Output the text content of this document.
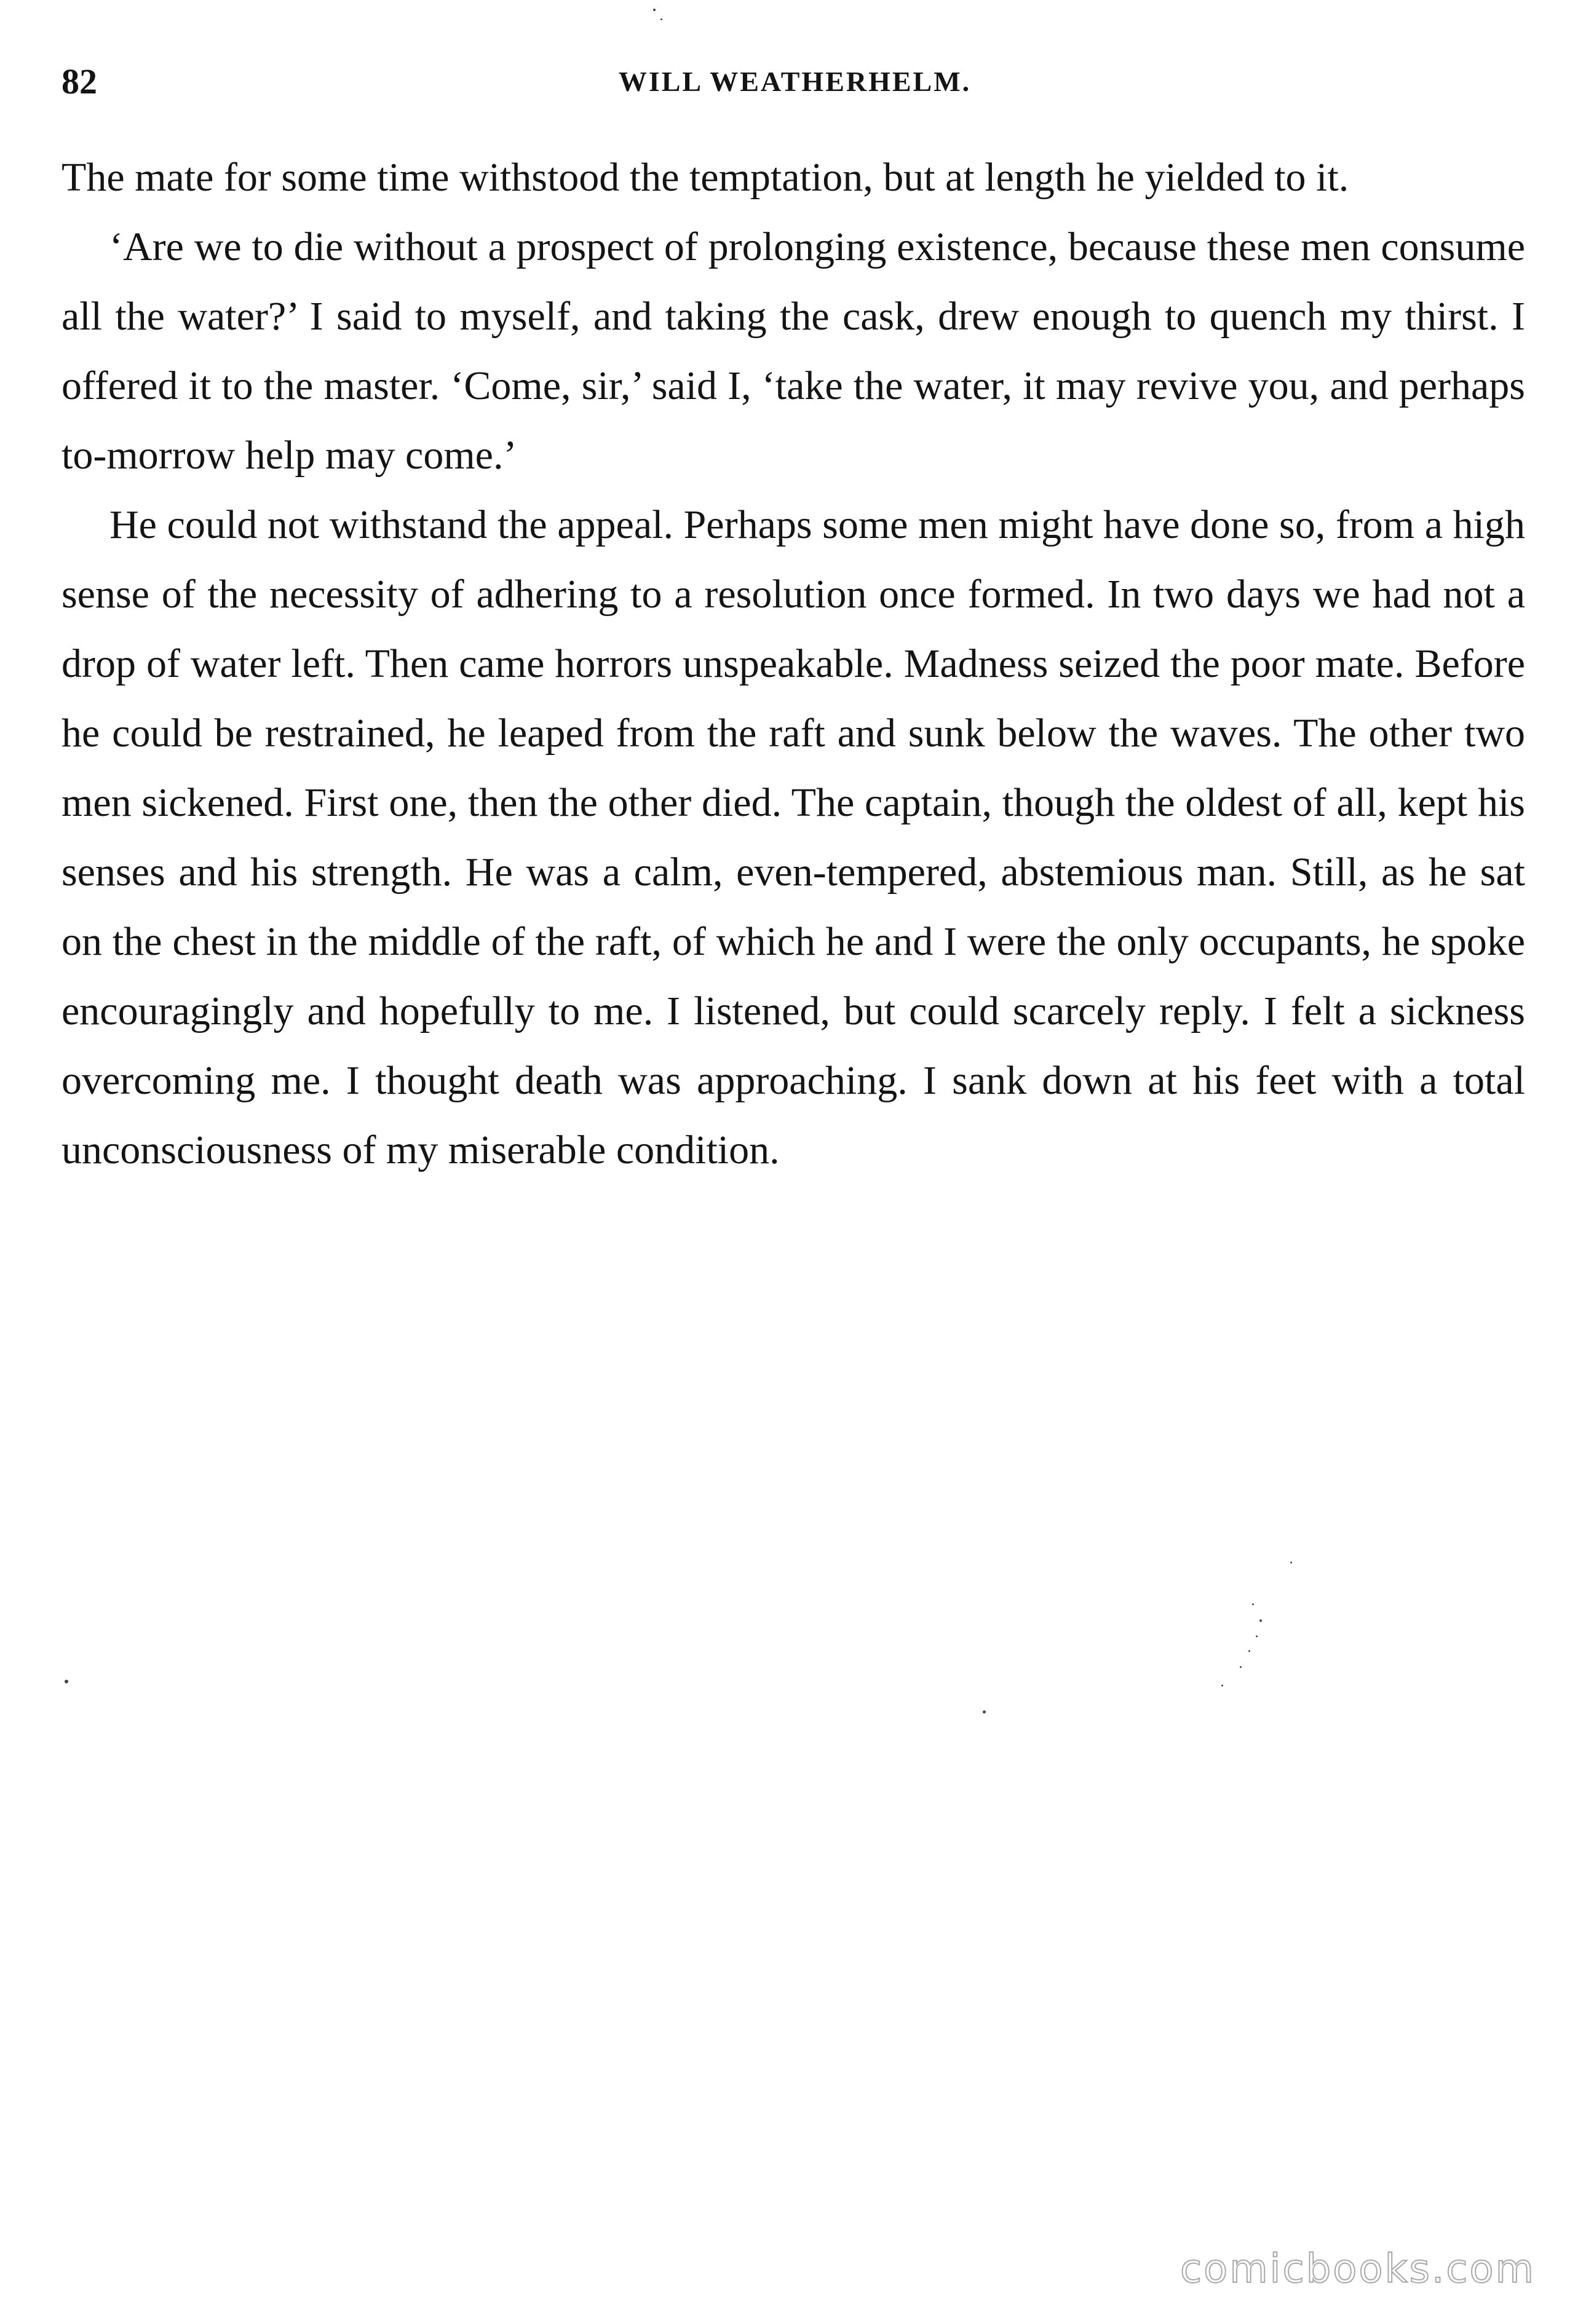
82	WILL WEATHERHELM.

The mate for some time withstood the temptation, but at length he yielded to it.

‘Are we to die without a prospect of prolonging existence, because these men consume all the water?’ I said to myself, and taking the cask, drew enough to quench my thirst. I offered it to the master. ‘Come, sir,’ said I, ‘take the water, it may revive you, and perhaps to-morrow help may come.’

He could not withstand the appeal. Perhaps some men might have done so, from a high sense of the necessity of adhering to a resolution once formed. In two days we had not a drop of water left. Then came horrors unspeakable. Madness seized the poor mate. Before he could be restrained, he leaped from the raft and sunk below the waves. The other two men sickened. First one, then the other died. The captain, though the oldest of all, kept his senses and his strength. He was a calm, even-tempered, abstemious man. Still, as he sat on the chest in the middle of the raft, of which he and I were the only occupants, he spoke encouragingly and hopefully to me. I listened, but could scarcely reply. I felt a sickness overcoming me. I thought death was approaching. I sank down at his feet with a total unconsciousness of my miserable condition.

comicbooks.com
